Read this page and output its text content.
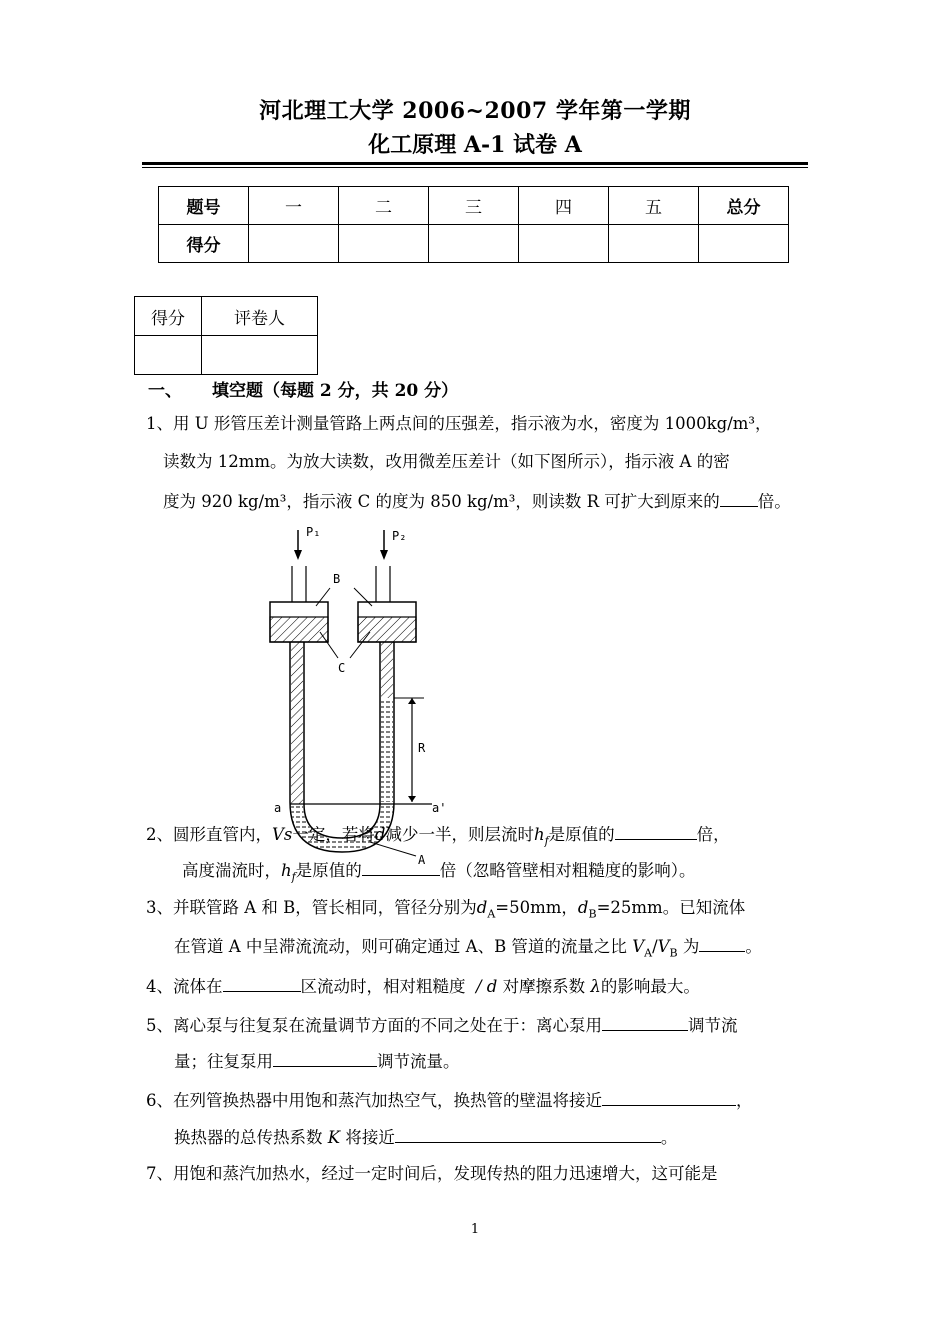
河北理工大学 2006~2007 学年第一学期
化工原理 A-1 试卷 A
题号	一	二	三	四	五	总分
得分						
得分	评卷人

一、 填空题（每题 2 分，共 20 分）
1、用 U 形管压差计测量管路上两点间的压强差，指示液为水，密度为 1000kg/m³，
读数为 12mm。为放大读数，改用微差压差计（如下图所示），指示液 A 的密
度为 920 kg/m³，指示液 C 的度为 850 kg/m³，则读数 R 可扩大到原来的 倍。
P₁	P₂
B
C
R
a	a'
A
2、圆形直管内，Vs一定，若将d减少一半，则层流时$h_f$是原值的	倍，
高度湍流时，$h_f$是原值的	倍（忽略管壁相对粗糙度的影响）。
3、并联管路 A 和 B，管长相同，管径分别为$d_A=50mm$，$d_B=25mm$。已知流体
在管道 A 中呈滞流流动，则可确定通过 A、B 管道的流量之比 $V_A/V_B$ 为	。
4、流体在	区流动时，相对粗糙度 / d 对摩擦系数 λ的影响最大。
5、离心泵与往复泵在流量调节方面的不同之处在于：离心泵用	调节流
量；往复泵用	调节流量。
6、在列管换热器中用饱和蒸汽加热空气，换热管的壁温将接近	，
换热器的总传热系数 K 将接近	。
7、用饱和蒸汽加热水，经过一定时间后，发现传热的阻力迅速增大，这可能是
1
